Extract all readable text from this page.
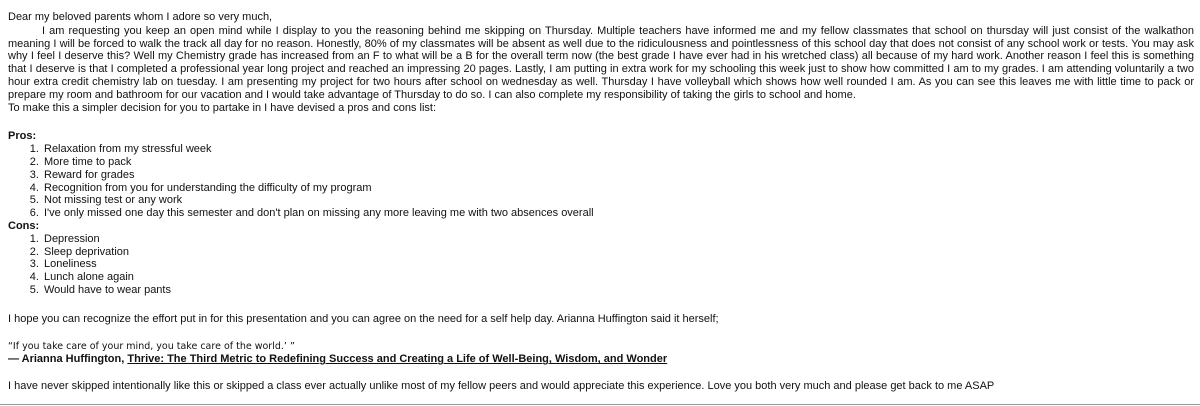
Dear my beloved parents whom I adore so very much,

I am requesting you keep an open mind while I display to you the reasoning behind me skipping on Thursday. Multiple teachers have informed me and my fellow classmates that school on thursday will just consist of the walkathon meaning I will be forced to walk the track all day for no reason. Honestly, 80% of my classmates will be absent as well due to the ridiculousness and pointlessness of this school day that does not consist of any school work or tests. You may ask why I feel I deserve this? Well my Chemistry grade has increased from an F to what will be a B for the overall term now (the best grade I have ever had in his wretched class) all because of my hard work. Another reason I feel this is something that I deserve is that I completed a professional year long project and reached an impressing 20 pages. Lastly, I am putting in extra work for my schooling this week just to show how committed I am to my grades. I am attending voluntarily a two hour extra credit chemistry lab on tuesday. I am presenting my project for two hours after school on wednesday as well. Thursday I have volleyball which shows how well rounded I am. As you can see this leaves me with little time to pack or prepare my room and bathroom for our vacation and I would take advantage of Thursday to do so. I can also complete my responsibility of taking the girls to school and home.

To make this a simpler decision for you to partake in I have devised a pros and cons list:

Pros:
1. Relaxation from my stressful week
2. More time to pack
3. Reward for grades
4. Recognition from you for understanding the difficulty of my program
5. Not missing test or any work
6. I've only missed one day this semester and don't plan on missing any more leaving me with two absences overall
Cons:
1. Depression
2. Sleep deprivation
3. Loneliness
4. Lunch alone again
5. Would have to wear pants

I hope you can recognize the effort put in for this presentation and you can agree on the need for a self help day. Arianna Huffington said it herself;

“If you take care of your mind, you take care of the world.’ ”

― Arianna Huffington, Thrive: The Third Metric to Redefining Success and Creating a Life of Well-Being, Wisdom, and Wonder

I have never skipped intentionally like this or skipped a class ever actually unlike most of my fellow peers and would appreciate this experience. Love you both very much and please get back to me ASAP
